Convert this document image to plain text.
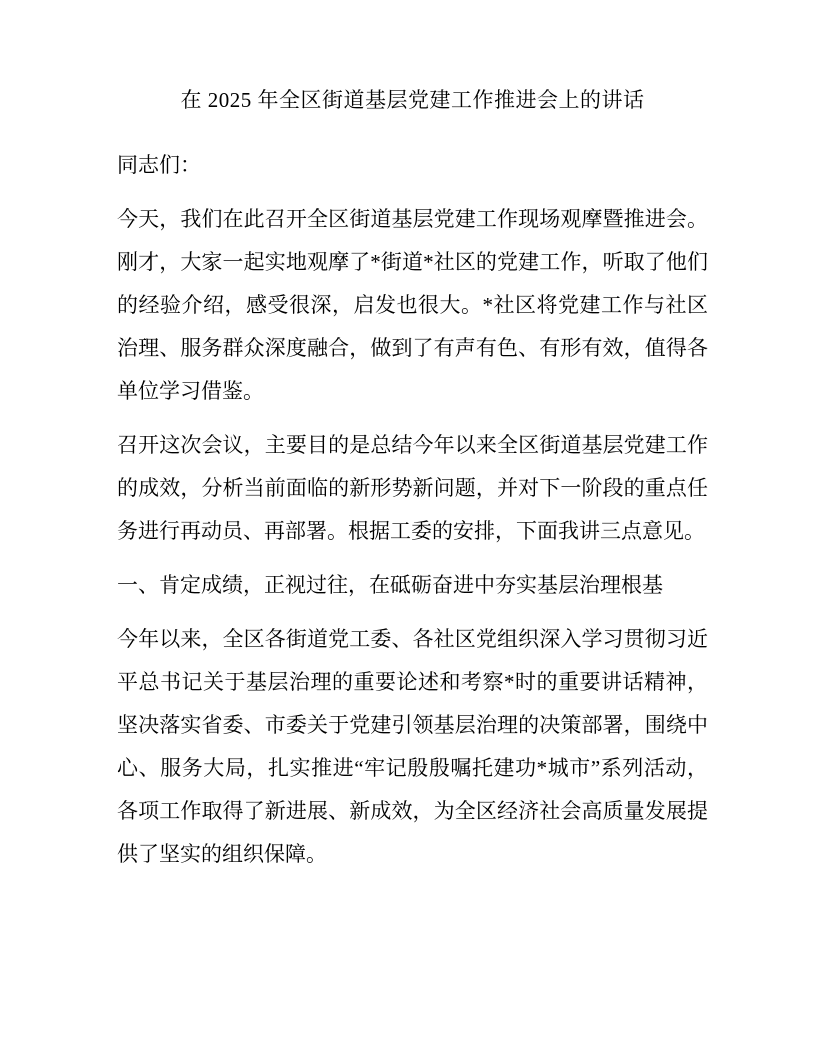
在 2025 年全区街道基层党建工作推进会上的讲话

同志们：

今天，我们在此召开全区街道基层党建工作现场观摩暨推进会。刚才，大家一起实地观摩了*街道*社区的党建工作，听取了他们的经验介绍，感受很深，启发也很大。*社区将党建工作与社区治理、服务群众深度融合，做到了有声有色、有形有效，值得各单位学习借鉴。

召开这次会议，主要目的是总结今年以来全区街道基层党建工作的成效，分析当前面临的新形势新问题，并对下一阶段的重点任务进行再动员、再部署。根据工委的安排，下面我讲三点意见。

一、肯定成绩，正视过往，在砥砺奋进中夯实基层治理根基

今年以来，全区各街道党工委、各社区党组织深入学习贯彻习近平总书记关于基层治理的重要论述和考察*时的重要讲话精神，坚决落实省委、市委关于党建引领基层治理的决策部署，围绕中心、服务大局，扎实推进“牢记殷殷嘱托建功*城市”系列活动，各项工作取得了新进展、新成效，为全区经济社会高质量发展提供了坚实的组织保障。
